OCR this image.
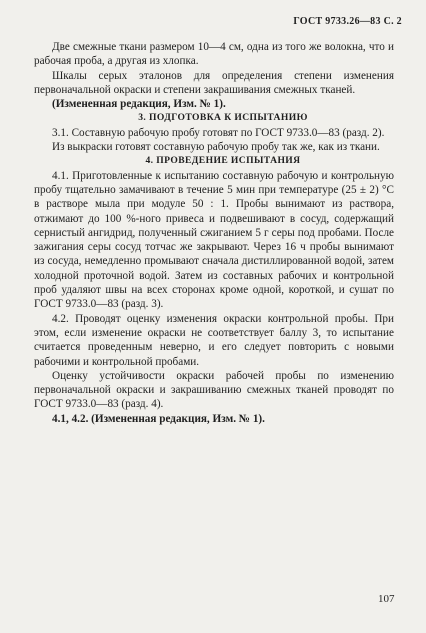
ГОСТ 9733.26—83 С. 2

Две смежные ткани размером 10—4 см, одна из того же волокна, что и рабочая проба, а другая из хлопка.

Шкалы серых эталонов для определения степени изменения первоначальной окраски и степени закрашивания смежных тканей.

(Измененная редакция, Изм. № 1).

3. ПОДГОТОВКА К ИСПЫТАНИЮ

3.1. Составную рабочую пробу готовят по ГОСТ 9733.0—83 (разд. 2).

Из выкраски готовят составную рабочую пробу так же, как из ткани.

4. ПРОВЕДЕНИЕ ИСПЫТАНИЯ

4.1. Приготовленные к испытанию составную рабочую и контрольную пробу тщательно замачивают в течение 5 мин при температуре (25 ± 2) °С в растворе мыла при модуле 50 : 1. Пробы вынимают из раствора, отжимают до 100 %-ного привеса и подвешивают в сосуд, содержащий сернистый ангидрид, полученный сжиганием 5 г серы под пробами. После зажигания серы сосуд тотчас же закрывают. Через 16 ч пробы вынимают из сосуда, немедленно промывают сначала дистиллированной водой, затем холодной проточной водой. Затем из составных рабочих и контрольной проб удаляют швы на всех сторонах кроме одной, короткой, и сушат по ГОСТ 9733.0—83 (разд. 3).

4.2. Проводят оценку изменения окраски контрольной пробы. При этом, если изменение окраски не соответствует баллу 3, то испытание считается проведенным неверно, и его следует повторить с новыми рабочими и контрольной пробами.

Оценку устойчивости окраски рабочей пробы по изменению первоначальной окраски и закрашиванию смежных тканей проводят по ГОСТ 9733.0—83 (разд. 4).

4.1, 4.2. (Измененная редакция, Изм. № 1).

107
